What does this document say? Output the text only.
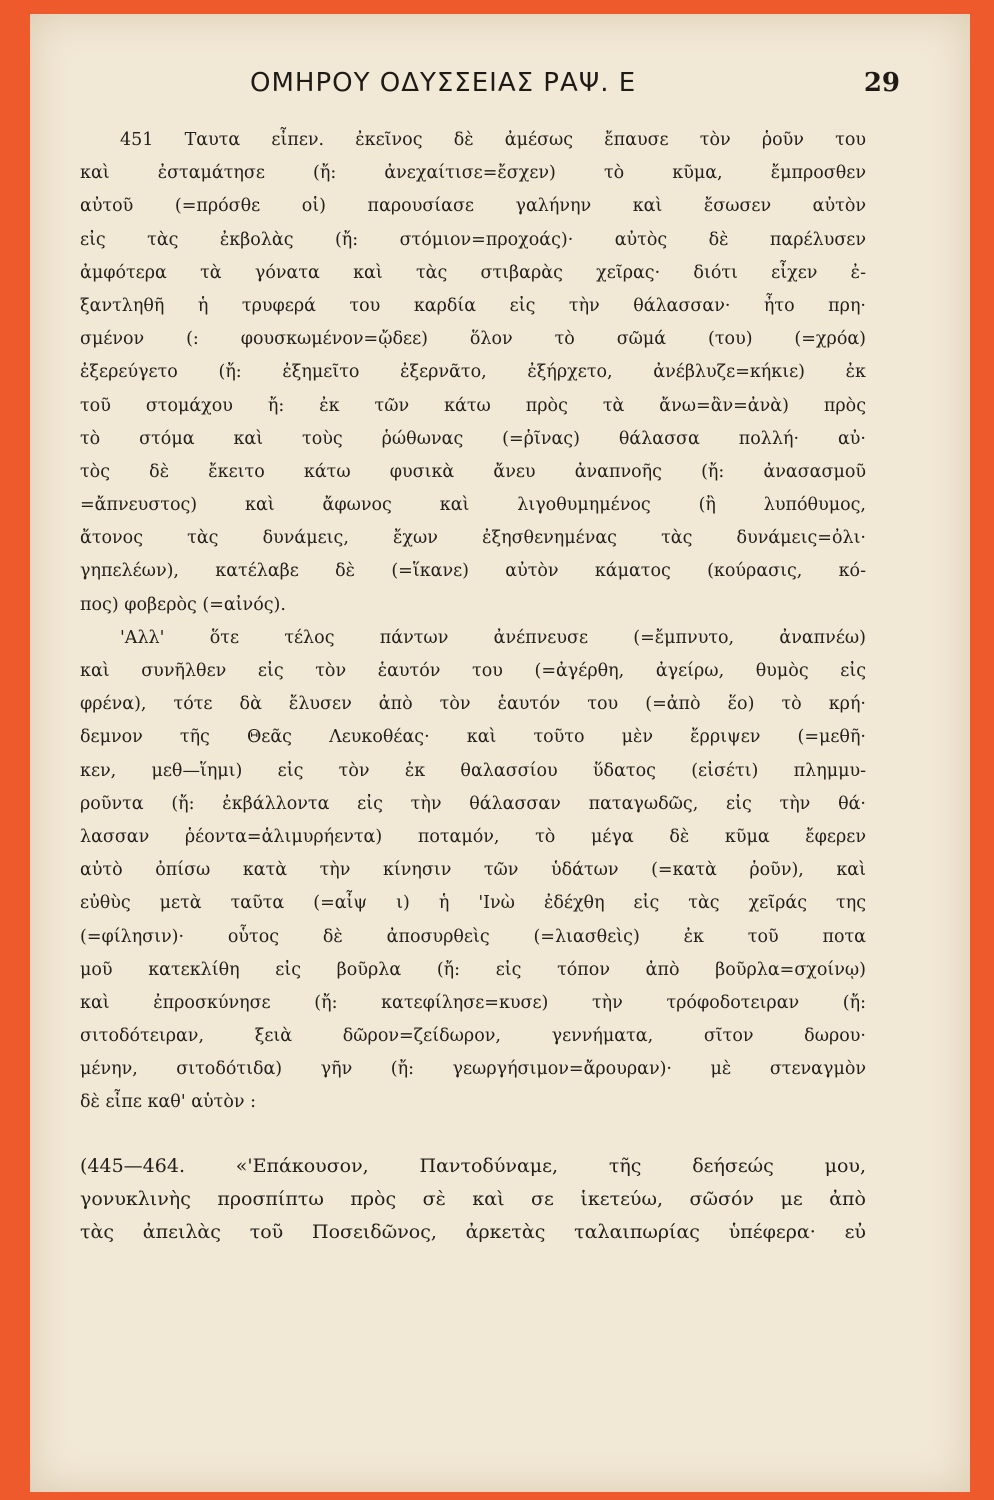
ΟΜΗΡΟΥ ΟΔΥΣΣΕΙΑΣ ΡΑΨ. Ε	29
451 Ταυτα εἶπεν. ἐκεῖνος δὲ ἀμέσως ἔπαυσε τὸν ῥοῦν του
καὶ ἐσταμάτησε (ἤ: ἀνεχαίτισε=ἔσχεν) τὸ κῦμα, ἔμπροσθεν
αὐτοῦ (=πρόσθε οἱ) παρουσίασε γαλήνην καὶ ἔσωσεν αὐτὸν
εἰς τὰς ἐκβολὰς (ἤ: στόμιον=προχοάς)· αὐτὸς δὲ παρέλυσεν
ἀμφότερα τὰ γόνατα καὶ τὰς στιβαρὰς χεῖρας· διότι εἶχεν ἐ-
ξαντληθῆ ἡ τρυφερά του καρδία εἰς τὴν θάλασσαν· ἦτο πρη·
σμένον (: φουσκωμένον=ᾤδεε) ὅλον τὸ σῶμά (του) (=χρόα)
ἐξερεύγετο (ἤ: ἐξημεῖτο ἐξερνᾶτο, ἐξήρχετο, ἀνέβλυζε=κήκιε) ἐκ
τοῦ στομάχου ἤ: ἐκ τῶν κάτω πρὸς τὰ ἄνω=ἂν=ἀνὰ) πρὸς
τὸ στόμα καὶ τοὺς ῥώθωνας (=ῥῖνας) θάλασσα πολλή· αὐ·
τὸς δὲ ἔκειτο κάτω φυσικὰ ἄνευ ἀναπνοῆς (ἤ: ἀνασασμοῦ
=ἄπνευστος) καὶ ἄφωνος καὶ λιγοθυμημένος (ἢ λυπόθυμος,
ἄτονος τὰς δυνάμεις, ἔχων ἐξησθενημένας τὰς δυνάμεις=ὀλι·
γηπελέων), κατέλαβε δὲ (=ἵκανε) αὐτὸν κάματος (κούρασις, κό-
πος) φοβερὸς (=αἰνός).
'Αλλ' ὅτε τέλος πάντων ἀνέπνευσε (=ἔμπνυτο, ἀναπνέω)
καὶ συνῆλθεν εἰς τὸν ἑαυτόν του (=ἀγέρθη, ἀγείρω, θυμὸς εἰς
φρένα), τότε δὰ ἔλυσεν ἀπὸ τὸν ἑαυτόν του (=ἀπὸ ἕο) τὸ κρή·
δεμνον τῆς Θεᾶς Λευκοθέας· καὶ τοῦτο μὲν ἔρριψεν (=μεθῆ·
κεν, μεθ—ἵημι) εἰς τὸν ἐκ θαλασσίου ὕδατος (εἰσέτι) πλημμυ-
ροῦντα (ἤ: ἐκβάλλοντα εἰς τὴν θάλασσαν παταγωδῶς, εἰς τὴν θά·
λασσαν ῥέοντα=ἁλιμυρήεντα) ποταμόν, τὸ μέγα δὲ κῦμα ἔφερεν
αὐτὸ ὀπίσω κατὰ τὴν κίνησιν τῶν ὑδάτων (=κατὰ ῥοῦν), καὶ
εὐθὺς μετὰ ταῦτα (=αἶψ ι) ἡ 'Ινὼ ἐδέχθη εἰς τὰς χεῖράς της
(=φίλησιν)· οὗτος δὲ ἀποσυρθεὶς (=λιασθεὶς) ἐκ τοῦ ποτα
μοῦ κατεκλίθη εἰς βοῦρλα (ἤ: εἰς τόπον ἀπὸ βοῦρλα=σχοίνῳ)
καὶ ἐπροσκύνησε (ἤ: κατεφίλησε=κυσε) τὴν τρόφοδοτειραν (ἤ:
σιτοδότειραν, ξειὰ δῶρον=ζείδωρον, γεννήματα, σῖτον δωρου·
μένην, σιτοδότιδα) γῆν (ἤ: γεωργήσιμον=ἄρουραν)· μὲ στεναγμὸν
δὲ εἶπε καθ' αὑτὸν :
(445—464. «'Επάκουσον, Παντοδύναμε, τῆς δεήσεώς μου,
γονυκλινὴς προσπίπτω πρὸς σὲ καὶ σε ἱκετεύω, σῶσόν με ἀπὸ
τὰς ἀπειλὰς τοῦ Ποσειδῶνος, ἀρκετὰς ταλαιπωρίας ὑπέφερα· εὐ
